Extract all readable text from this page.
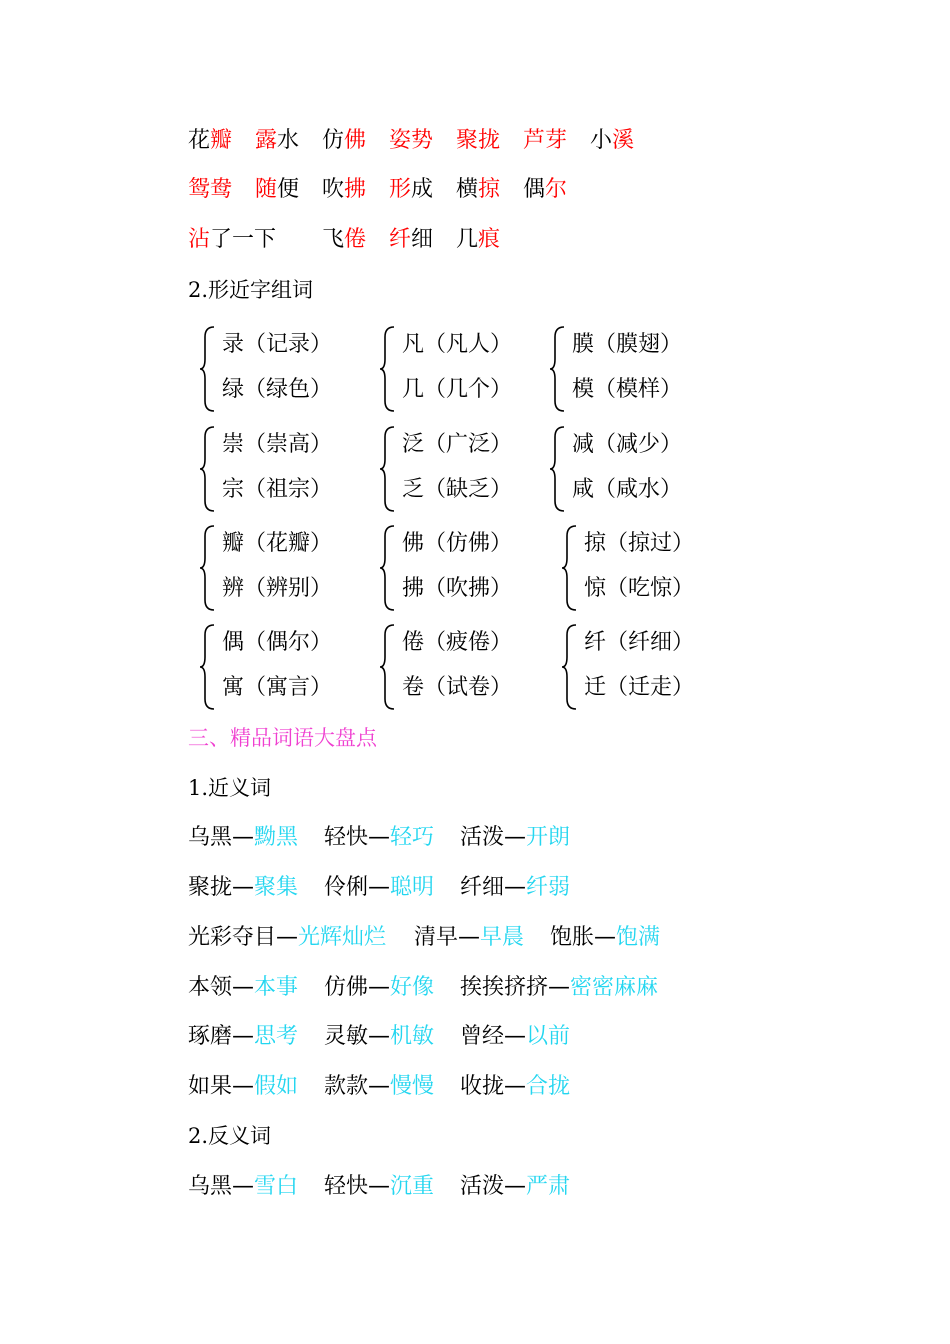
花瓣 露水 仿佛 姿势 聚拢 芦芽 小溪
鸳鸯 随便 吹拂 形成 横掠 偶尔
沾了一下 飞倦 纤细 几痕
2.形近字组词
录（记录）
绿（绿色）
凡（凡人）
几（几个）
膜（膜翅）
模（模样）
崇（崇高）
宗（祖宗）
泛（广泛）
乏（缺乏）
减（减少）
咸（咸水）
瓣（花瓣）
辨（辨别）
佛（仿佛）
拂（吹拂）
掠（掠过）
惊（吃惊）
偶（偶尔）
寓（寓言）
倦（疲倦）
卷（试卷）
纤（纤细）
迁（迁走）
三、精品词语大盘点
1.近义词
乌黑—黝黑 轻快—轻巧 活泼—开朗
聚拢—聚集 伶俐—聪明 纤细—纤弱
光彩夺目—光辉灿烂 清早—早晨 饱胀—饱满
本领—本事 仿佛—好像 挨挨挤挤—密密麻麻
琢磨—思考 灵敏—机敏 曾经—以前
如果—假如 款款—慢慢 收拢—合拢
2.反义词
乌黑—雪白 轻快—沉重 活泼—严肃
